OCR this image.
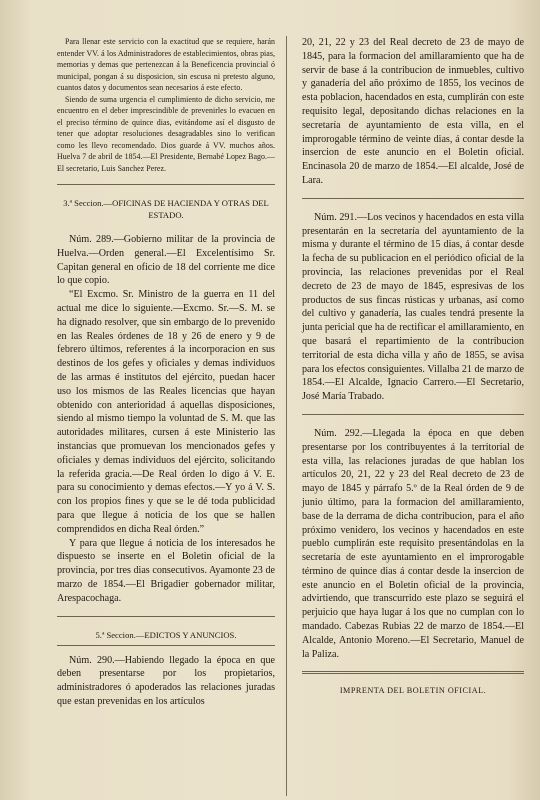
Para llenar este servicio con la exactitud que se requiere, harán entender VV. á los Administradores de establecimientos, obras pias, memorias y demas que pertenezcan á la Beneficencia provincial ó municipal, pongan á su disposicion, sin escusa ni pretesto alguno, cuantos datos y documentos sean necesarios á este efecto.

Siendo de suma urgencia el cumplimiento de dicho servicio, me encuentro en el deber imprescindible de prevenirles lo evacuen en el preciso término de quince dias, evitándome así el disgusto de tener que adoptar resoluciones desagradables sino lo verifican como les llevo recomendado. Dios guarde á VV. muchos años. Huelva 7 de abril de 1854.—El Presidente, Bernabé Lopez Bago.—El secretario, Luis Sanchez Perez.

3.ª Seccion.—OFICINAS DE HACIENDA Y OTRAS DEL ESTADO.

Núm. 289.—Gobierno militar de la provincia de Huelva.—Orden general.—El Excelentísimo Sr. Capitan general en oficio de 18 del corriente me dice lo que copio.

“El Excmo. Sr. Ministro de la guerra en 11 del actual me dice lo siguiente.—Excmo. Sr.—S. M. se ha dignado resolver, que sin embargo de lo prevenido en las Reales órdenes de 18 y 26 de enero y 9 de febrero últimos, referentes á la incorporacion en sus destinos de los gefes y oficiales y demas individuos de las armas é institutos del ejército, puedan hacer uso los mismos de las Reales licencias que hayan obtenido con anterioridad á aquellas disposiciones, siendo al mismo tiempo la voluntad de S. M. que las autoridades militares, cursen á este Ministerio las instancias que promuevan los mencionados gefes y oficiales y demas individuos del ejército, solicitando la referida gracia.—De Real órden lo digo á V. E. para su conocimiento y demas efectos.—Y yo á V. S. con los propios fines y que se le dé toda publicidad para que llegue á noticia de los que se hallen comprendidos en dicha Real órden.”

Y para que llegue á noticia de los interesados he dispuesto se inserte en el Boletin oficial de la provincia, por tres dias consecutivos. Ayamonte 23 de marzo de 1854.—El Brigadier gobernador militar, Arespacochaga.

5.ª Seccion.—EDICTOS Y ANUNCIOS.

Núm. 290.—Habiendo llegado la época en que deben presentarse por los propietarios, administradores ó apoderados las relaciones juradas que estan prevenidas en los artículos

20, 21, 22 y 23 del Real decreto de 23 de mayo de 1845, para la formacion del amillaramiento que ha de servir de base á la contribucion de inmuebles, cultivo y ganadería del año próximo de 1855, los vecinos de esta poblacion, hacendados en esta, cumplirán con este requisito legal, depositando dichas relaciones en la secretaría de ayuntamiento de esta villa, en el improrogable término de veinte dias, á contar desde la insercion de este anuncio en el Boletin oficial. Encinasola 20 de marzo de 1854.—El alcalde, José de Lara.

Núm. 291.—Los vecinos y hacendados en esta villa presentarán en la secretaría del ayuntamiento de la misma y durante el término de 15 dias, á contar desde la fecha de su publicacion en el periódico oficial de la provincia, las relaciones prevenidas por el Real decreto de 23 de mayo de 1845, espresivas de los productos de sus fincas rústicas y urbanas, así como del cultivo y ganadería, las cuales tendrá presente la junta pericial que ha de rectificar el amillaramiento, en que basará el repartimiento de la contribucion territorial de esta dicha villa y año de 1855, se avisa para los efectos consiguientes. Villalba 21 de marzo de 1854.—El Alcalde, Ignacio Carrero.—El Secretario, José María Trabado.

Núm. 292.—Llegada la época en que deben presentarse por los contribuyentes á la territorial de esta villa, las relaciones juradas de que hablan los artículos 20, 21, 22 y 23 del Real decreto de 23 de mayo de 1845 y párrafo 5.º de la Real órden de 9 de junio último, para la formacion del amillaramiento, base de la derrama de dicha contribucion, para el año próximo venidero, los vecinos y hacendados en este pueblo cumplirán este requisito presentándolas en la secretaría de este ayuntamiento en el improrogable término de quince dias á contar desde la insercion de este anuncio en el Boletin oficial de la provincia, advirtiendo, que transcurrido este plazo se seguirá el perjuicio que haya lugar á los que no cumplan con lo mandado. Cabezas Rubias 22 de marzo de 1854.—El Alcalde, Antonio Moreno.—El Secretario, Manuel de la Paliza.

IMPRENTA DEL BOLETIN OFICIAL.
